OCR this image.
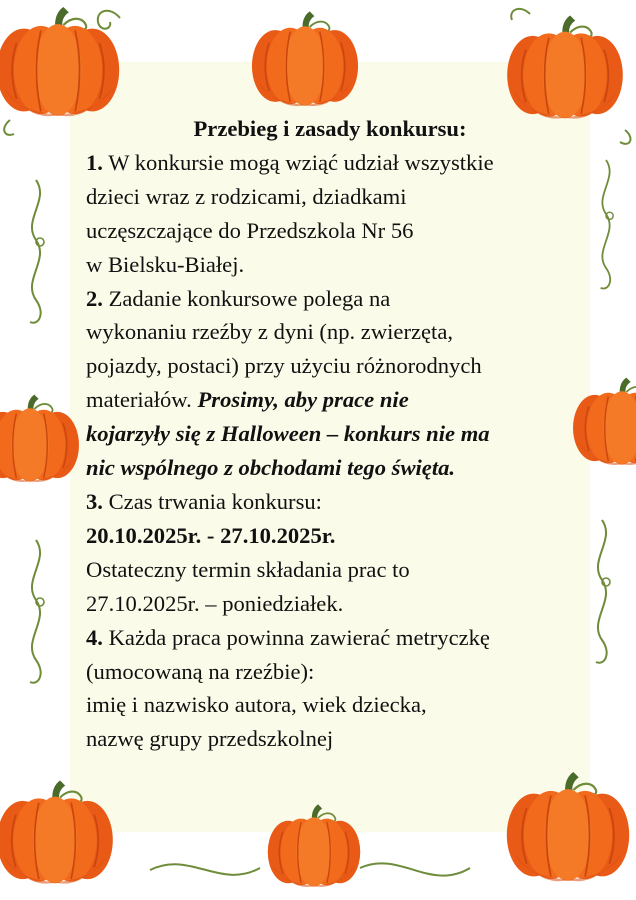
Przebieg i zasady konkursu:
1. W konkursie mogą wziąć udział wszystkie
dzieci wraz z rodzicami, dziadkami
uczęszczające do Przedszkola Nr 56
w Bielsku-Białej.
2. Zadanie konkursowe polega na
wykonaniu rzeźby z dyni (np. zwierzęta,
pojazdy, postaci) przy użyciu różnorodnych
materiałów. Prosimy, aby prace nie
kojarzyły się z Halloween – konkurs nie ma
nic wspólnego z obchodami tego święta.
3. Czas trwania konkursu:
20.10.2025r. - 27.10.2025r.
Ostateczny termin składania prac to
27.10.2025r. – poniedziałek.
4. Każda praca powinna zawierać metryczkę
(umocowaną na rzeźbie):
imię i nazwisko autora, wiek dziecka,
nazwę grupy przedszkolnej
